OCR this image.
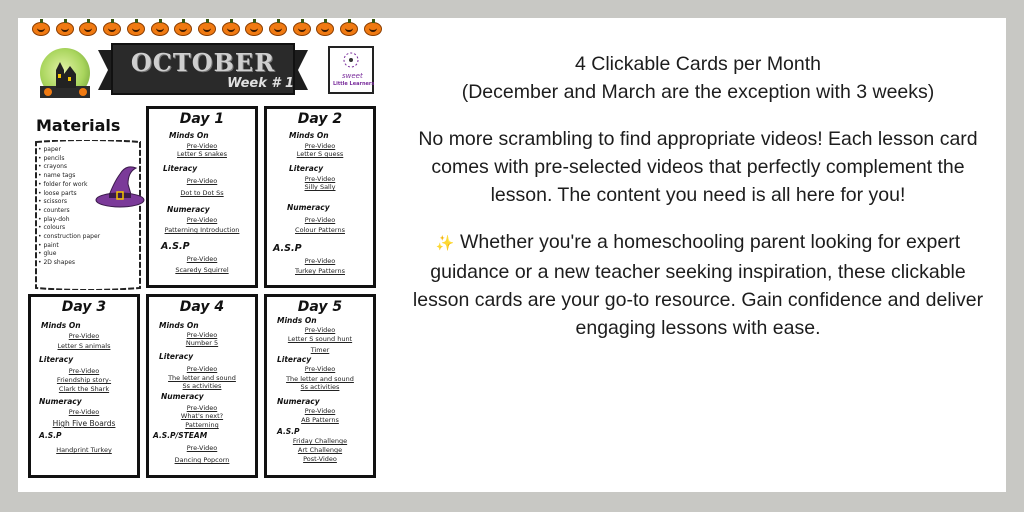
OCTOBER
Week # 1	sweet
Little Learners
Materials
• paper
• pencils
• crayons
• name tags
• folder for work
• loose parts
• scissors
• counters
• play-doh
• colours
• construction paper
• paint
• glue
• 2D shapes
Day 1
Minds On
Pre-Video
Letter S snakes
Literacy
Pre-Video
Dot to Dot Ss
Numeracy
Pre-Video
Patterning Introduction
A.S.P
Pre-Video
Scaredy Squirrel
Day 2
Minds On
Pre-Video
Letter S guess
Literacy
Pre-Video
Silly Sally
Numeracy
Pre-Video
Colour Patterns
A.S.P
Pre-Video
Turkey Patterns
Day 3
Minds On
Pre-Video
Letter S animals
Literacy
Pre-Video
Friendship story-
Clark the Shark
Numeracy
Pre-Video
High Five Boards
A.S.P
Handprint Turkey
Day 4
Minds On
Pre-Video
Number 5
Literacy
Pre-Video
The letter and sound
Ss activities
Numeracy
Pre-Video
What's next?
Patterning
A.S.P/STEAM
Pre-Video
Dancing Popcorn
Day 5
Minds On
Pre-Video
Letter S sound hunt
Timer
Literacy
Pre-Video
The letter and sound
Ss activities
Numeracy
Pre-Video
AB Patterns
A.S.P
Friday Challenge
Art Challenge
Post-Video

4 Clickable Cards per Month
(December and March are the exception with 3 weeks)

No more scrambling to find appropriate videos! Each lesson card comes with pre-selected videos that perfectly complement the lesson. The content you need is all here for you!

✨ Whether you're a homeschooling parent looking for expert guidance or a new teacher seeking inspiration, these clickable lesson cards are your go-to resource. Gain confidence and deliver engaging lessons with ease.
